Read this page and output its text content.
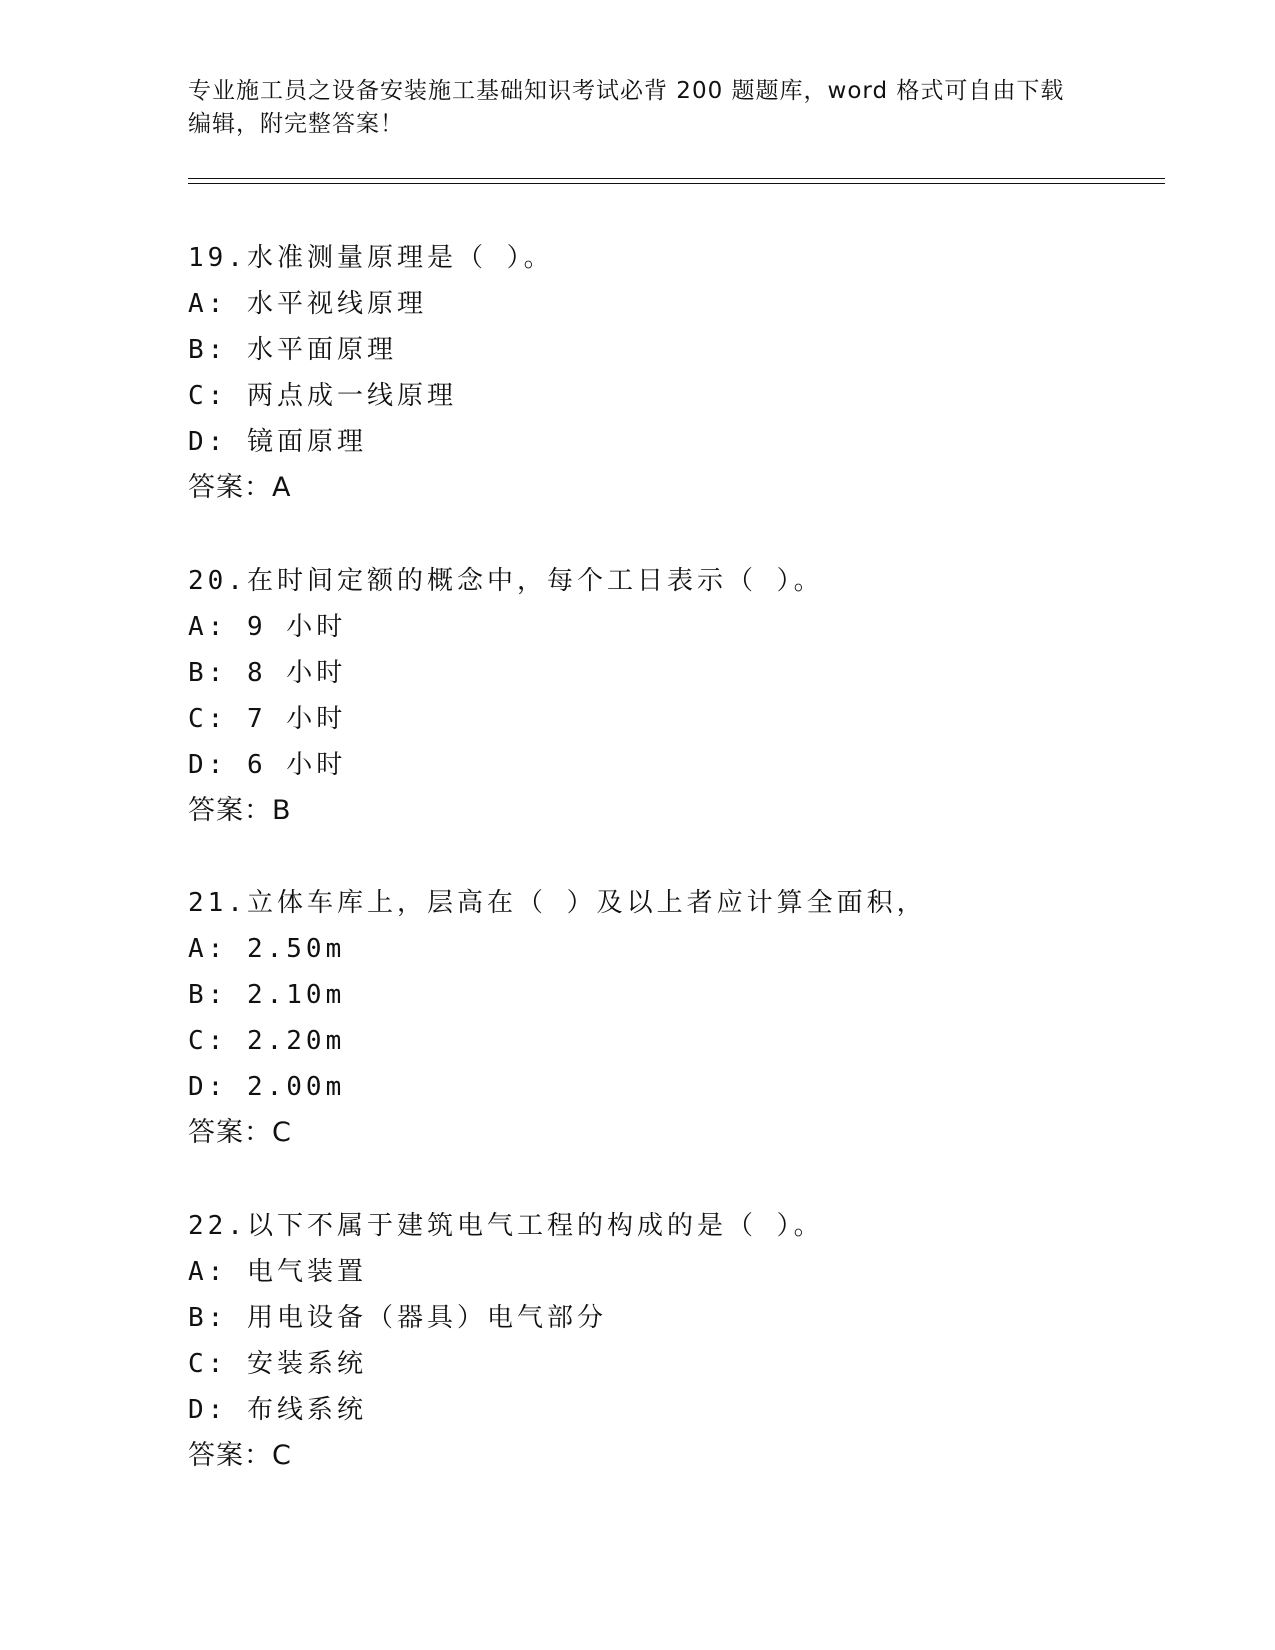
专业施工员之设备安装施工基础知识考试必背 200 题题库，word 格式可自由下载
编辑，附完整答案！
19.水准测量原理是（ ）。
A: 水平视线原理
B: 水平面原理
C: 两点成一线原理
D: 镜面原理
答案：A
20.在时间定额的概念中，每个工日表示（ ）。
A: 9 小时
B: 8 小时
C: 7 小时
D: 6 小时
答案：B
21.立体车库上，层高在（ ）及以上者应计算全面积，
A: 2.50m
B: 2.10m
C: 2.20m
D: 2.00m
答案：C
22.以下不属于建筑电气工程的构成的是（ ）。
A: 电气装置
B: 用电设备（器具）电气部分
C: 安装系统
D: 布线系统
答案：C
